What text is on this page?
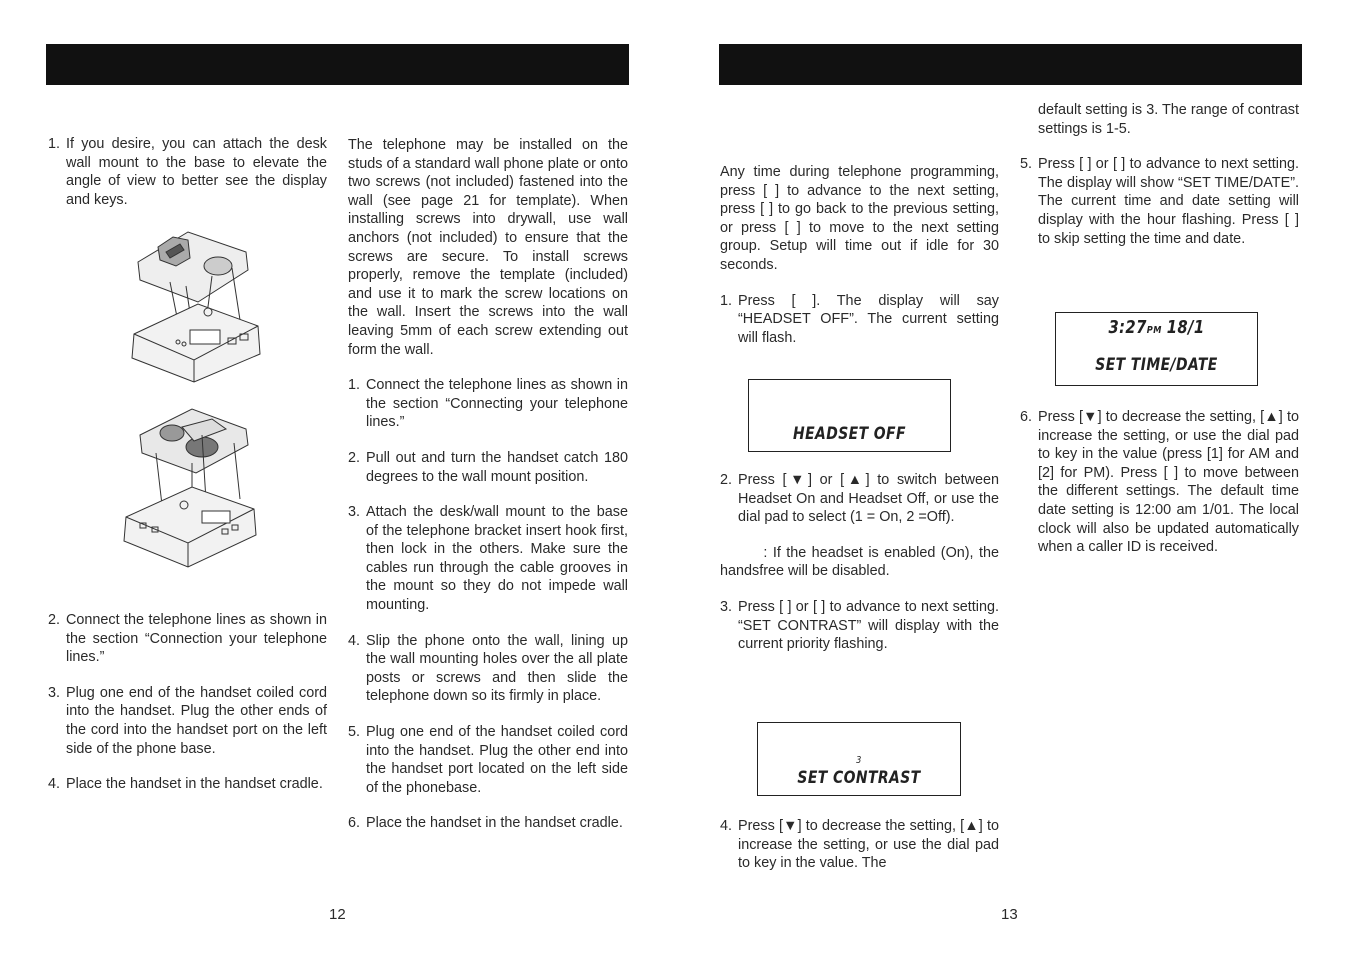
1. If you desire, you can attach the desk wall mount to the base to elevate the angle of view to better see the display and keys.

2. Connect the telephone lines as shown in the section “Connection your telephone lines.”

3. Plug one end of the handset coiled cord into the handset. Plug the other ends of the cord into the handset port on the left side of the phone base.

4. Place the handset in the handset cradle.

The telephone may be installed on the studs of a standard wall phone plate or onto two screws (not included) fastened into the wall (see page 21 for template). When installing screws into drywall, use wall anchors (not included) to ensure that the screws are secure. To install screws properly, remove the template (included) and use it to mark the screw locations on the wall. Insert the screws into the wall leaving 5mm of each screw extending out form the wall.

1. Connect the telephone lines as shown in the section “Connecting your telephone lines.”

2. Pull out and turn the handset catch 180 degrees to the wall mount position.

3. Attach the desk/wall mount to the base of the telephone bracket insert hook first, then lock in the others. Make sure the cables run through the cable grooves in the mount so they do not impede wall mounting.

4. Slip the phone onto the wall, lining up the wall mounting holes over the all plate posts or screws and then slide the telephone down so its firmly in place.

5. Plug one end of the handset coiled cord into the handset. Plug the other end into the handset port located on the left side of the phonebase.

6. Place the handset in the handset cradle.

12

Any time during telephone programming, press [ ] to advance to the next setting, press [ ] to go back to the previous setting, or press [ ] to move to the next setting group. Setup will time out if idle for 30 seconds.

1. Press [ ]. The display will say “HEADSET OFF”. The current setting will flash.

HEADSET OFF
2. Press [▼] or [▲] to switch between Headset On and Headset Off, or use the dial pad to select (1 = On, 2 =Off).

: If the headset is enabled (On), the handsfree will be disabled.

3. Press [ ] or [ ] to advance to next setting. “SET CONTRAST” will display with the current priority flashing.

3
SET CONTRAST
4. Press [▼] to decrease the setting, [▲] to increase the setting, or use the dial pad to key in the value. The

default setting is 3. The range of contrast settings is 1-5.

5. Press [ ] or [ ] to advance to next setting. The display will show “SET TIME/DATE”. The current time and date setting will display with the hour flashing. Press [ ] to skip setting the time and date.

3:27PM 18/1
SET TIME/DATE
6. Press [▼] to decrease the setting, [▲] to increase the setting, or use the dial pad to key in the value (press [1] for AM and [2] for PM). Press [ ] to move between the different settings. The default time date setting is 12:00 am 1/01. The local clock will also be updated automatically when a caller ID is received.

13
